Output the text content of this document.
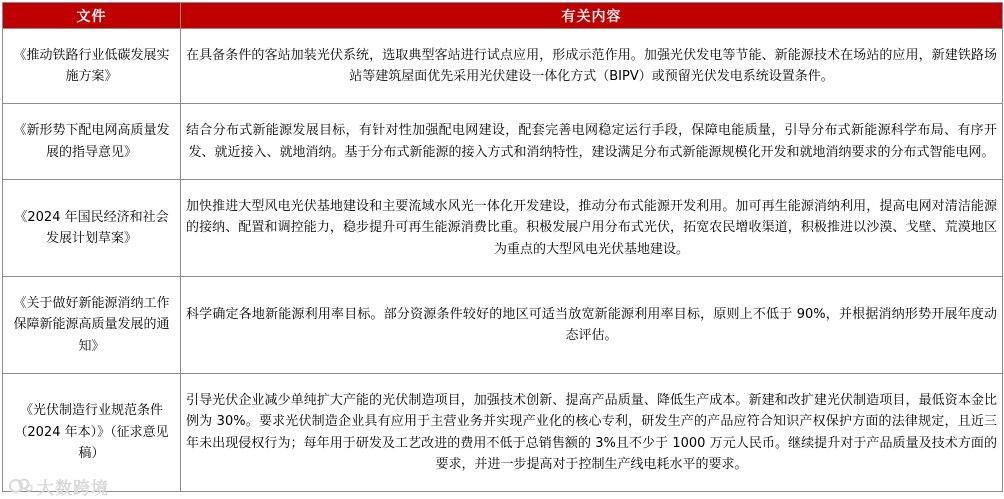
文件	有关内容
《推动铁路行业低碳发展实施方案》	在具备条件的客站加装光伏系统，选取典型客站进行试点应用，形成示范作用。加强光伏发电等节能、新能源技术在场站的应用，新建铁路场站等建筑屋面优先采用光伏建设一体化方式（BIPV）或预留光伏发电系统设置条件。
《新形势下配电网高质量发展的指导意见》	结合分布式新能源发展目标，有针对性加强配电网建设，配套完善电网稳定运行手段，保障电能质量，引导分布式新能源科学布局、有序开发、就近接入、就地消纳。基于分布式新能源的接入方式和消纳特性，建设满足分布式新能源规模化开发和就地消纳要求的分布式智能电网。
《2024 年国民经济和社会发展计划草案》	加快推进大型风电光伏基地建设和主要流域水风光一体化开发建设，推动分布式能源开发利用。加可再生能源消纳利用，提高电网对清洁能源的接纳、配置和调控能力，稳步提升可再生能源消费比重。积极发展户用分布式光伏，拓宽农民增收渠道，积极推进以沙漠、戈壁、荒漠地区为重点的大型风电光伏基地建设。
《关于做好新能源消纳工作 保障新能源高质量发展的通知》	科学确定各地新能源利用率目标。部分资源条件较好的地区可适当放宽新能源利用率目标，原则上不低于 90%，并根据消纳形势开展年度动态评估。
《光伏制造行业规范条件（2024 年本）》（征求意见稿）	引导光伏企业减少单纯扩大产能的光伏制造项目，加强技术创新、提高产品质量、降低生产成本。新建和改扩建光伏制造项目，最低资本金比例为 30%。要求光伏制造企业具有应用于主营业务并实现产业化的核心专利，研发生产的产品应符合知识产权保护方面的法律规定，且近三年未出现侵权行为；每年用于研发及工艺改进的费用不低于总销售额的 3%且不少于 1000 万元人民币。继续提升对于产品质量及技术方面的要求，并进一步提高对于控制生产线电耗水平的要求。
大数跨境
